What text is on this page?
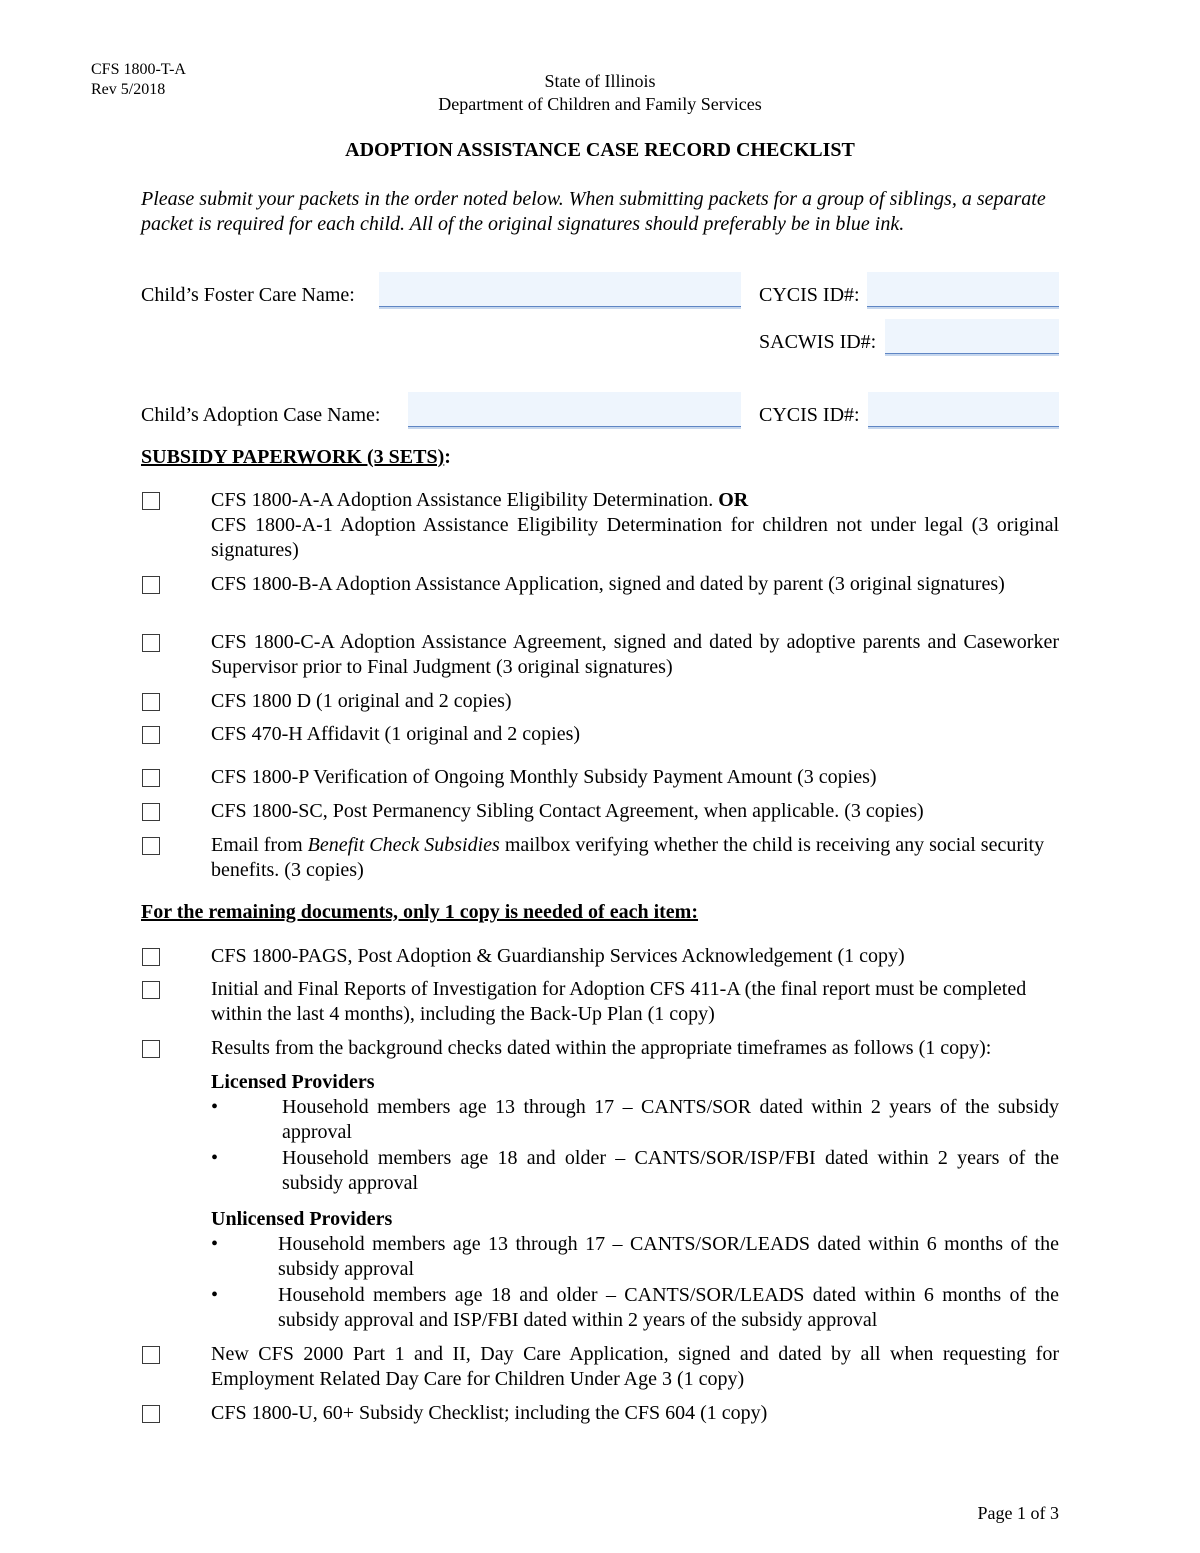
CFS 1800-T-A
Rev 5/2018	State of Illinois
Department of Children and Family Services
ADOPTION ASSISTANCE CASE RECORD CHECKLIST
Please submit your packets in the order noted below. When submitting packets for a group of siblings, a separate packet is required for each child. All of the original signatures should preferably be in blue ink.
Child’s Foster Care Name:	CYCIS ID#:
SACWIS ID#:
Child’s Adoption Case Name:	CYCIS ID#:
SUBSIDY PAPERWORK (3 SETS):
CFS 1800-A-A Adoption Assistance Eligibility Determination. OR
CFS 1800-A-1 Adoption Assistance Eligibility Determination for children not under legal (3 original signatures)
CFS 1800-B-A Adoption Assistance Application, signed and dated by parent (3 original signatures)
CFS 1800-C-A Adoption Assistance Agreement, signed and dated by adoptive parents and Caseworker Supervisor prior to Final Judgment (3 original signatures)
CFS 1800 D (1 original and 2 copies)
CFS 470-H Affidavit (1 original and 2 copies)
CFS 1800-P Verification of Ongoing Monthly Subsidy Payment Amount (3 copies)
CFS 1800-SC, Post Permanency Sibling Contact Agreement, when applicable. (3 copies)
Email from Benefit Check Subsidies mailbox verifying whether the child is receiving any social security benefits. (3 copies)
For the remaining documents, only 1 copy is needed of each item:
CFS 1800-PAGS, Post Adoption & Guardianship Services Acknowledgement (1 copy)
Initial and Final Reports of Investigation for Adoption CFS 411-A (the final report must be completed within the last 4 months), including the Back-Up Plan (1 copy)
Results from the background checks dated within the appropriate timeframes as follows (1 copy):
Licensed Providers
•	Household members age 13 through 17 – CANTS/SOR dated within 2 years of the subsidy approval
•	Household members age 18 and older – CANTS/SOR/ISP/FBI dated within 2 years of the subsidy approval
Unlicensed Providers
•	Household members age 13 through 17 – CANTS/SOR/LEADS dated within 6 months of the subsidy approval
•	Household members age 18 and older – CANTS/SOR/LEADS dated within 6 months of the subsidy approval and ISP/FBI dated within 2 years of the subsidy approval
New CFS 2000 Part 1 and II, Day Care Application, signed and dated by all when requesting for Employment Related Day Care for Children Under Age 3 (1 copy)
CFS 1800-U, 60+ Subsidy Checklist; including the CFS 604 (1 copy)
Page 1 of 3
